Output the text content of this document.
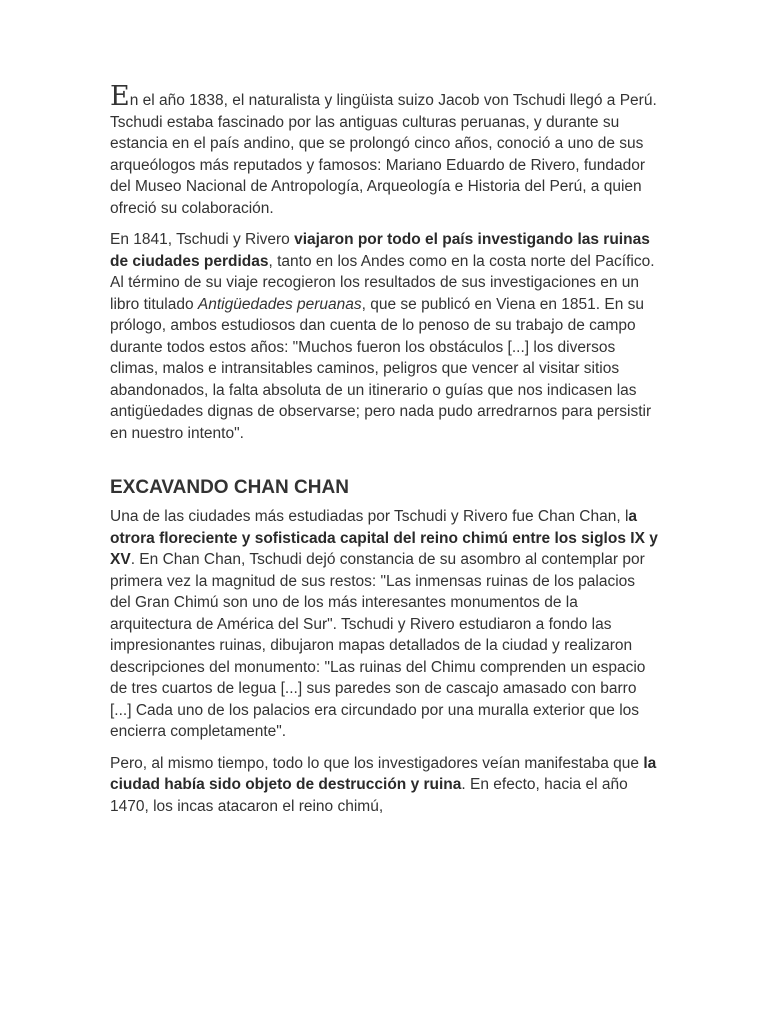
En el año 1838, el naturalista y lingüista suizo Jacob von Tschudi llegó a Perú. Tschudi estaba fascinado por las antiguas culturas peruanas, y durante su estancia en el país andino, que se prolongó cinco años, conoció a uno de sus arqueólogos más reputados y famosos: Mariano Eduardo de Rivero, fundador del Museo Nacional de Antropología, Arqueología e Historia del Perú, a quien ofreció su colaboración.

En 1841, Tschudi y Rivero viajaron por todo el país investigando las ruinas de ciudades perdidas, tanto en los Andes como en la costa norte del Pacífico. Al término de su viaje recogieron los resultados de sus investigaciones en un libro titulado Antigüedades peruanas, que se publicó en Viena en 1851. En su prólogo, ambos estudiosos dan cuenta de lo penoso de su trabajo de campo durante todos estos años: "Muchos fueron los obstáculos [...] los diversos climas, malos e intransitables caminos, peligros que vencer al visitar sitios abandonados, la falta absoluta de un itinerario o guías que nos indicasen las antigüedades dignas de observarse; pero nada pudo arredrarnos para persistir en nuestro intento".

EXCAVANDO CHAN CHAN

Una de las ciudades más estudiadas por Tschudi y Rivero fue Chan Chan, la otrora floreciente y sofisticada capital del reino chimú entre los siglos IX y XV. En Chan Chan, Tschudi dejó constancia de su asombro al contemplar por primera vez la magnitud de sus restos: "Las inmensas ruinas de los palacios del Gran Chimú son uno de los más interesantes monumentos de la arquitectura de América del Sur". Tschudi y Rivero estudiaron a fondo las impresionantes ruinas, dibujaron mapas detallados de la ciudad y realizaron descripciones del monumento: "Las ruinas del Chimu comprenden un espacio de tres cuartos de legua [...] sus paredes son de cascajo amasado con barro [...] Cada uno de los palacios era circundado por una muralla exterior que los encierra completamente".

Pero, al mismo tiempo, todo lo que los investigadores veían manifestaba que la ciudad había sido objeto de destrucción y ruina. En efecto, hacia el año 1470, los incas atacaron el reino chimú,
